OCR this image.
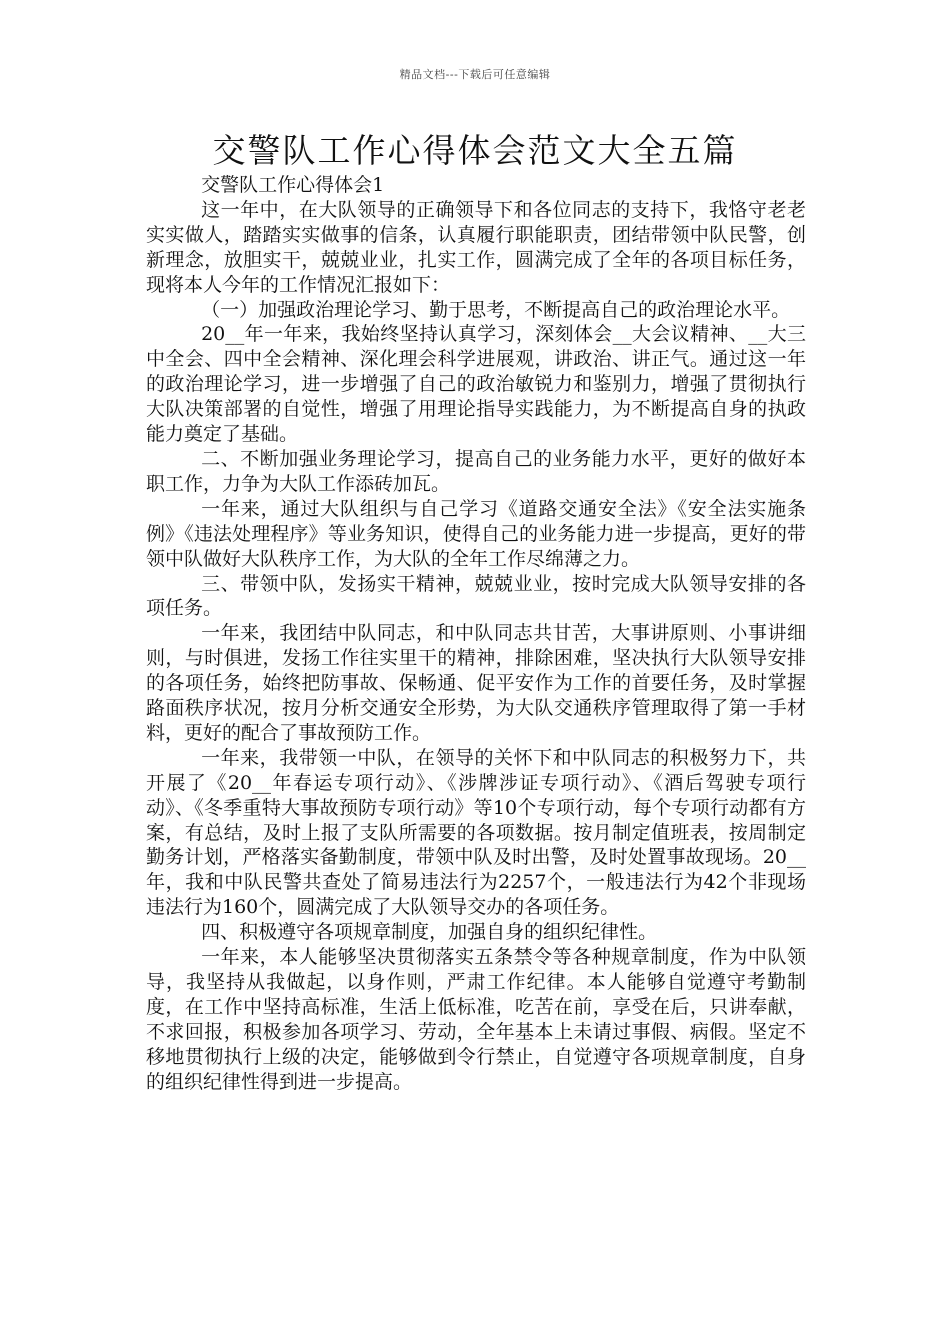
精品文档---下载后可任意编辑
交警队工作心得体会范文大全五篇

交警队工作心得体会1

这一年中，在大队领导的正确领导下和各位同志的支持下，我恪守老老实实做人，踏踏实实做事的信条，认真履行职能职责，团结带领中队民警，创新理念，放胆实干，兢兢业业，扎实工作，圆满完成了全年的各项目标任务，现将本人今年的工作情况汇报如下：

（一）加强政治理论学习、勤于思考，不断提高自己的政治理论水平。

20__年一年来，我始终坚持认真学习，深刻体会__大会议精神、__大三中全会、四中全会精神、深化理会科学进展观，讲政治、讲正气。通过这一年的政治理论学习，进一步增强了自己的政治敏锐力和鉴别力，增强了贯彻执行大队决策部署的自觉性，增强了用理论指导实践能力，为不断提高自身的执政能力奠定了基础。

二、不断加强业务理论学习，提高自己的业务能力水平，更好的做好本职工作，力争为大队工作添砖加瓦。

一年来，通过大队组织与自己学习《道路交通安全法》《安全法实施条例》《违法处理程序》等业务知识，使得自己的业务能力进一步提高，更好的带领中队做好大队秩序工作，为大队的全年工作尽绵薄之力。

三、带领中队，发扬实干精神，兢兢业业，按时完成大队领导安排的各项任务。

一年来，我团结中队同志，和中队同志共甘苦，大事讲原则、小事讲细则，与时俱进，发扬工作往实里干的精神，排除困难，坚决执行大队领导安排的各项任务，始终把防事故、保畅通、促平安作为工作的首要任务，及时掌握路面秩序状况，按月分析交通安全形势，为大队交通秩序管理取得了第一手材料，更好的配合了事故预防工作。

一年来，我带领一中队，在领导的关怀下和中队同志的积极努力下，共开展了《20__年春运专项行动》、《涉牌涉证专项行动》、《酒后驾驶专项行动》、《冬季重特大事故预防专项行动》等10个专项行动，每个专项行动都有方案，有总结，及时上报了支队所需要的各项数据。按月制定值班表，按周制定勤务计划，严格落实备勤制度，带领中队及时出警，及时处置事故现场。20__年，我和中队民警共查处了简易违法行为2257个，一般违法行为42个非现场违法行为160个，圆满完成了大队领导交办的各项任务。

四、积极遵守各项规章制度，加强自身的组织纪律性。

一年来，本人能够坚决贯彻落实五条禁令等各种规章制度，作为中队领导，我坚持从我做起，以身作则，严肃工作纪律。本人能够自觉遵守考勤制度，在工作中坚持高标准，生活上低标准，吃苦在前，享受在后，只讲奉献，不求回报，积极参加各项学习、劳动，全年基本上未请过事假、病假。坚定不移地贯彻执行上级的决定，能够做到令行禁止，自觉遵守各项规章制度，自身的组织纪律性得到进一步提高。
